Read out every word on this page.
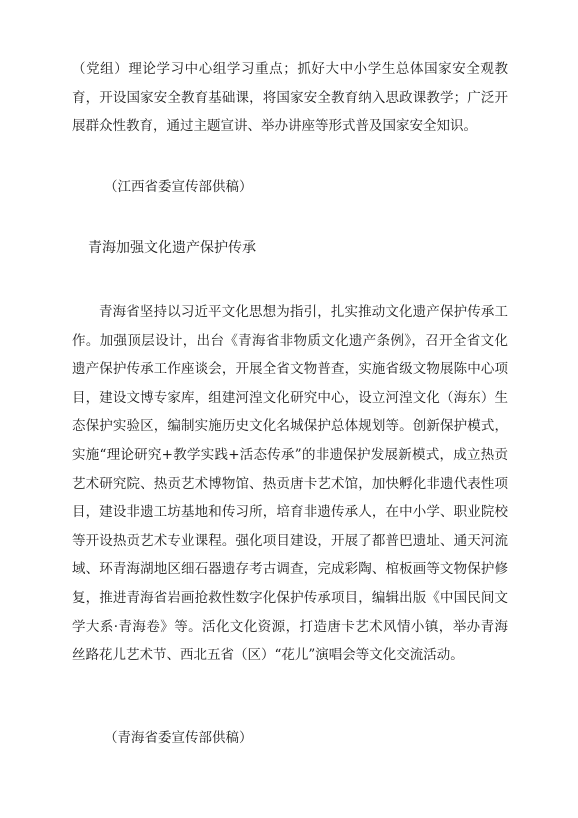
（党组）理论学习中心组学习重点；抓好大中小学生总体国家安全观教育，开设国家安全教育基础课，将国家安全教育纳入思政课教学；广泛开展群众性教育，通过主题宣讲、举办讲座等形式普及国家安全知识。

（江西省委宣传部供稿）

青海加强文化遗产保护传承

青海省坚持以习近平文化思想为指引，扎实推动文化遗产保护传承工作。加强顶层设计，出台《青海省非物质文化遗产条例》，召开全省文化遗产保护传承工作座谈会，开展全省文物普查，实施省级文物展陈中心项目，建设文博专家库，组建河湟文化研究中心，设立河湟文化（海东）生态保护实验区，编制实施历史文化名城保护总体规划等。创新保护模式，实施“理论研究+教学实践+活态传承”的非遗保护发展新模式，成立热贡艺术研究院、热贡艺术博物馆、热贡唐卡艺术馆，加快孵化非遗代表性项目，建设非遗工坊基地和传习所，培育非遗传承人，在中小学、职业院校等开设热贡艺术专业课程。强化项目建设，开展了都普巴遗址、通天河流域、环青海湖地区细石器遗存考古调查，完成彩陶、棺板画等文物保护修复，推进青海省岩画抢救性数字化保护传承项目，编辑出版《中国民间文学大系·青海卷》等。活化文化资源，打造唐卡艺术风情小镇，举办青海丝路花儿艺术节、西北五省（区）“花儿”演唱会等文化交流活动。

（青海省委宣传部供稿）
